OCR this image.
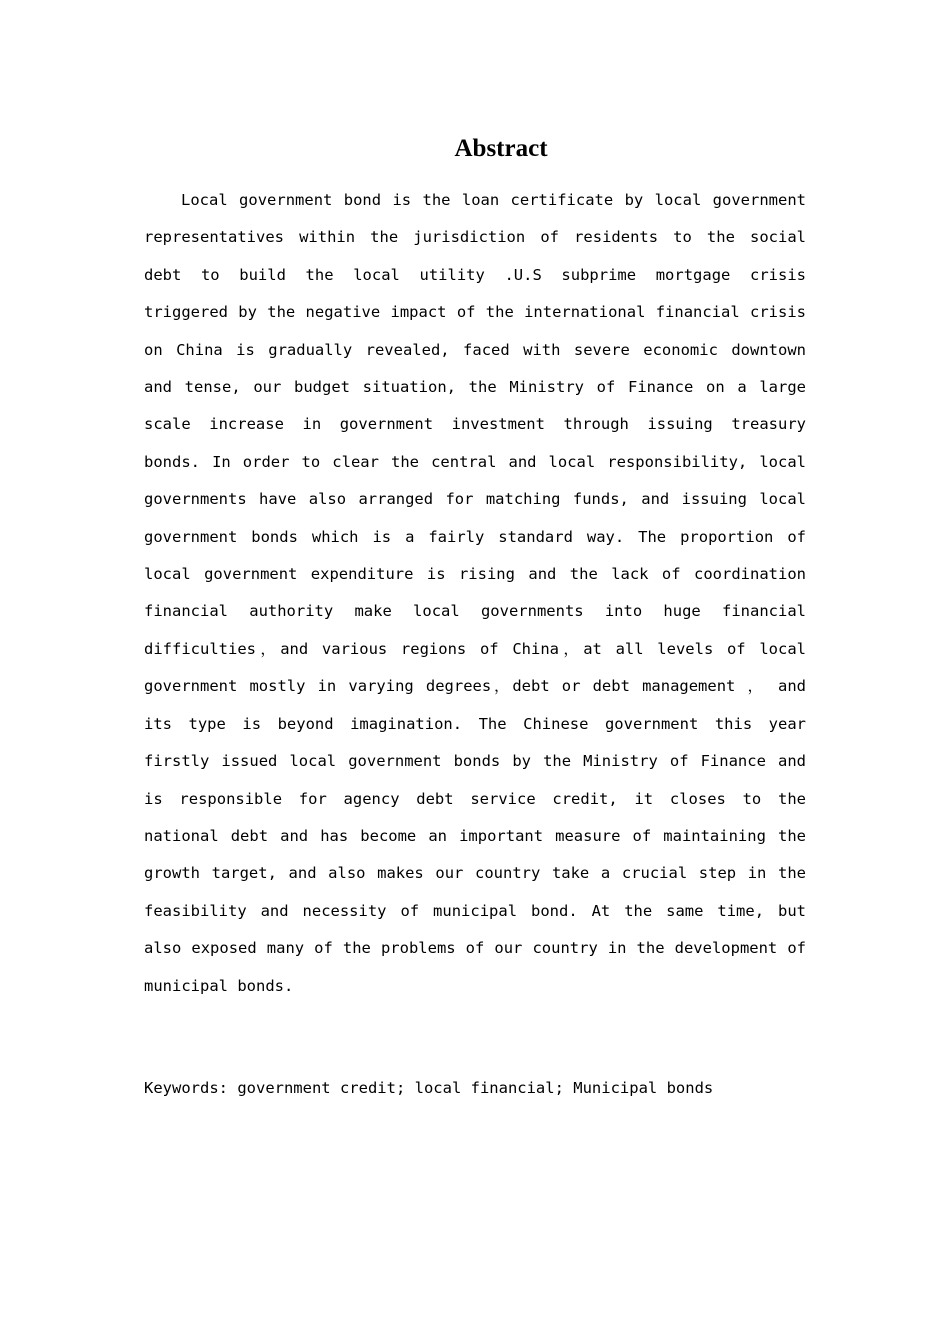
Abstract

Local government bond is the loan certificate by local government representatives within the jurisdiction of residents to the social debt to build the local utility .U.S subprime mortgage crisis triggered by the negative impact of the international financial crisis on China is gradually revealed, faced with severe economic downtown and tense, our budget situation, the Ministry of Finance on a large scale increase in government investment through issuing treasury bonds. In order to clear the central and local responsibility, local governments have also arranged for matching funds, and issuing local government bonds which is a fairly standard way. The proportion of local government expenditure is rising and the lack of coordination financial authority make local governments into huge financial difficulties，and various regions of China，at all levels of local government mostly in varying degrees，debt or debt management ， and its type is beyond imagination. The Chinese government this year firstly issued local government bonds by the Ministry of Finance and is responsible for agency debt service credit, it closes to the national debt and has become an important measure of maintaining the growth target, and also makes our country take a crucial step in the feasibility and necessity of municipal bond. At the same time, but also exposed many of the problems of our country in the development of municipal bonds.

Keywords: government credit; local financial; Municipal bonds
